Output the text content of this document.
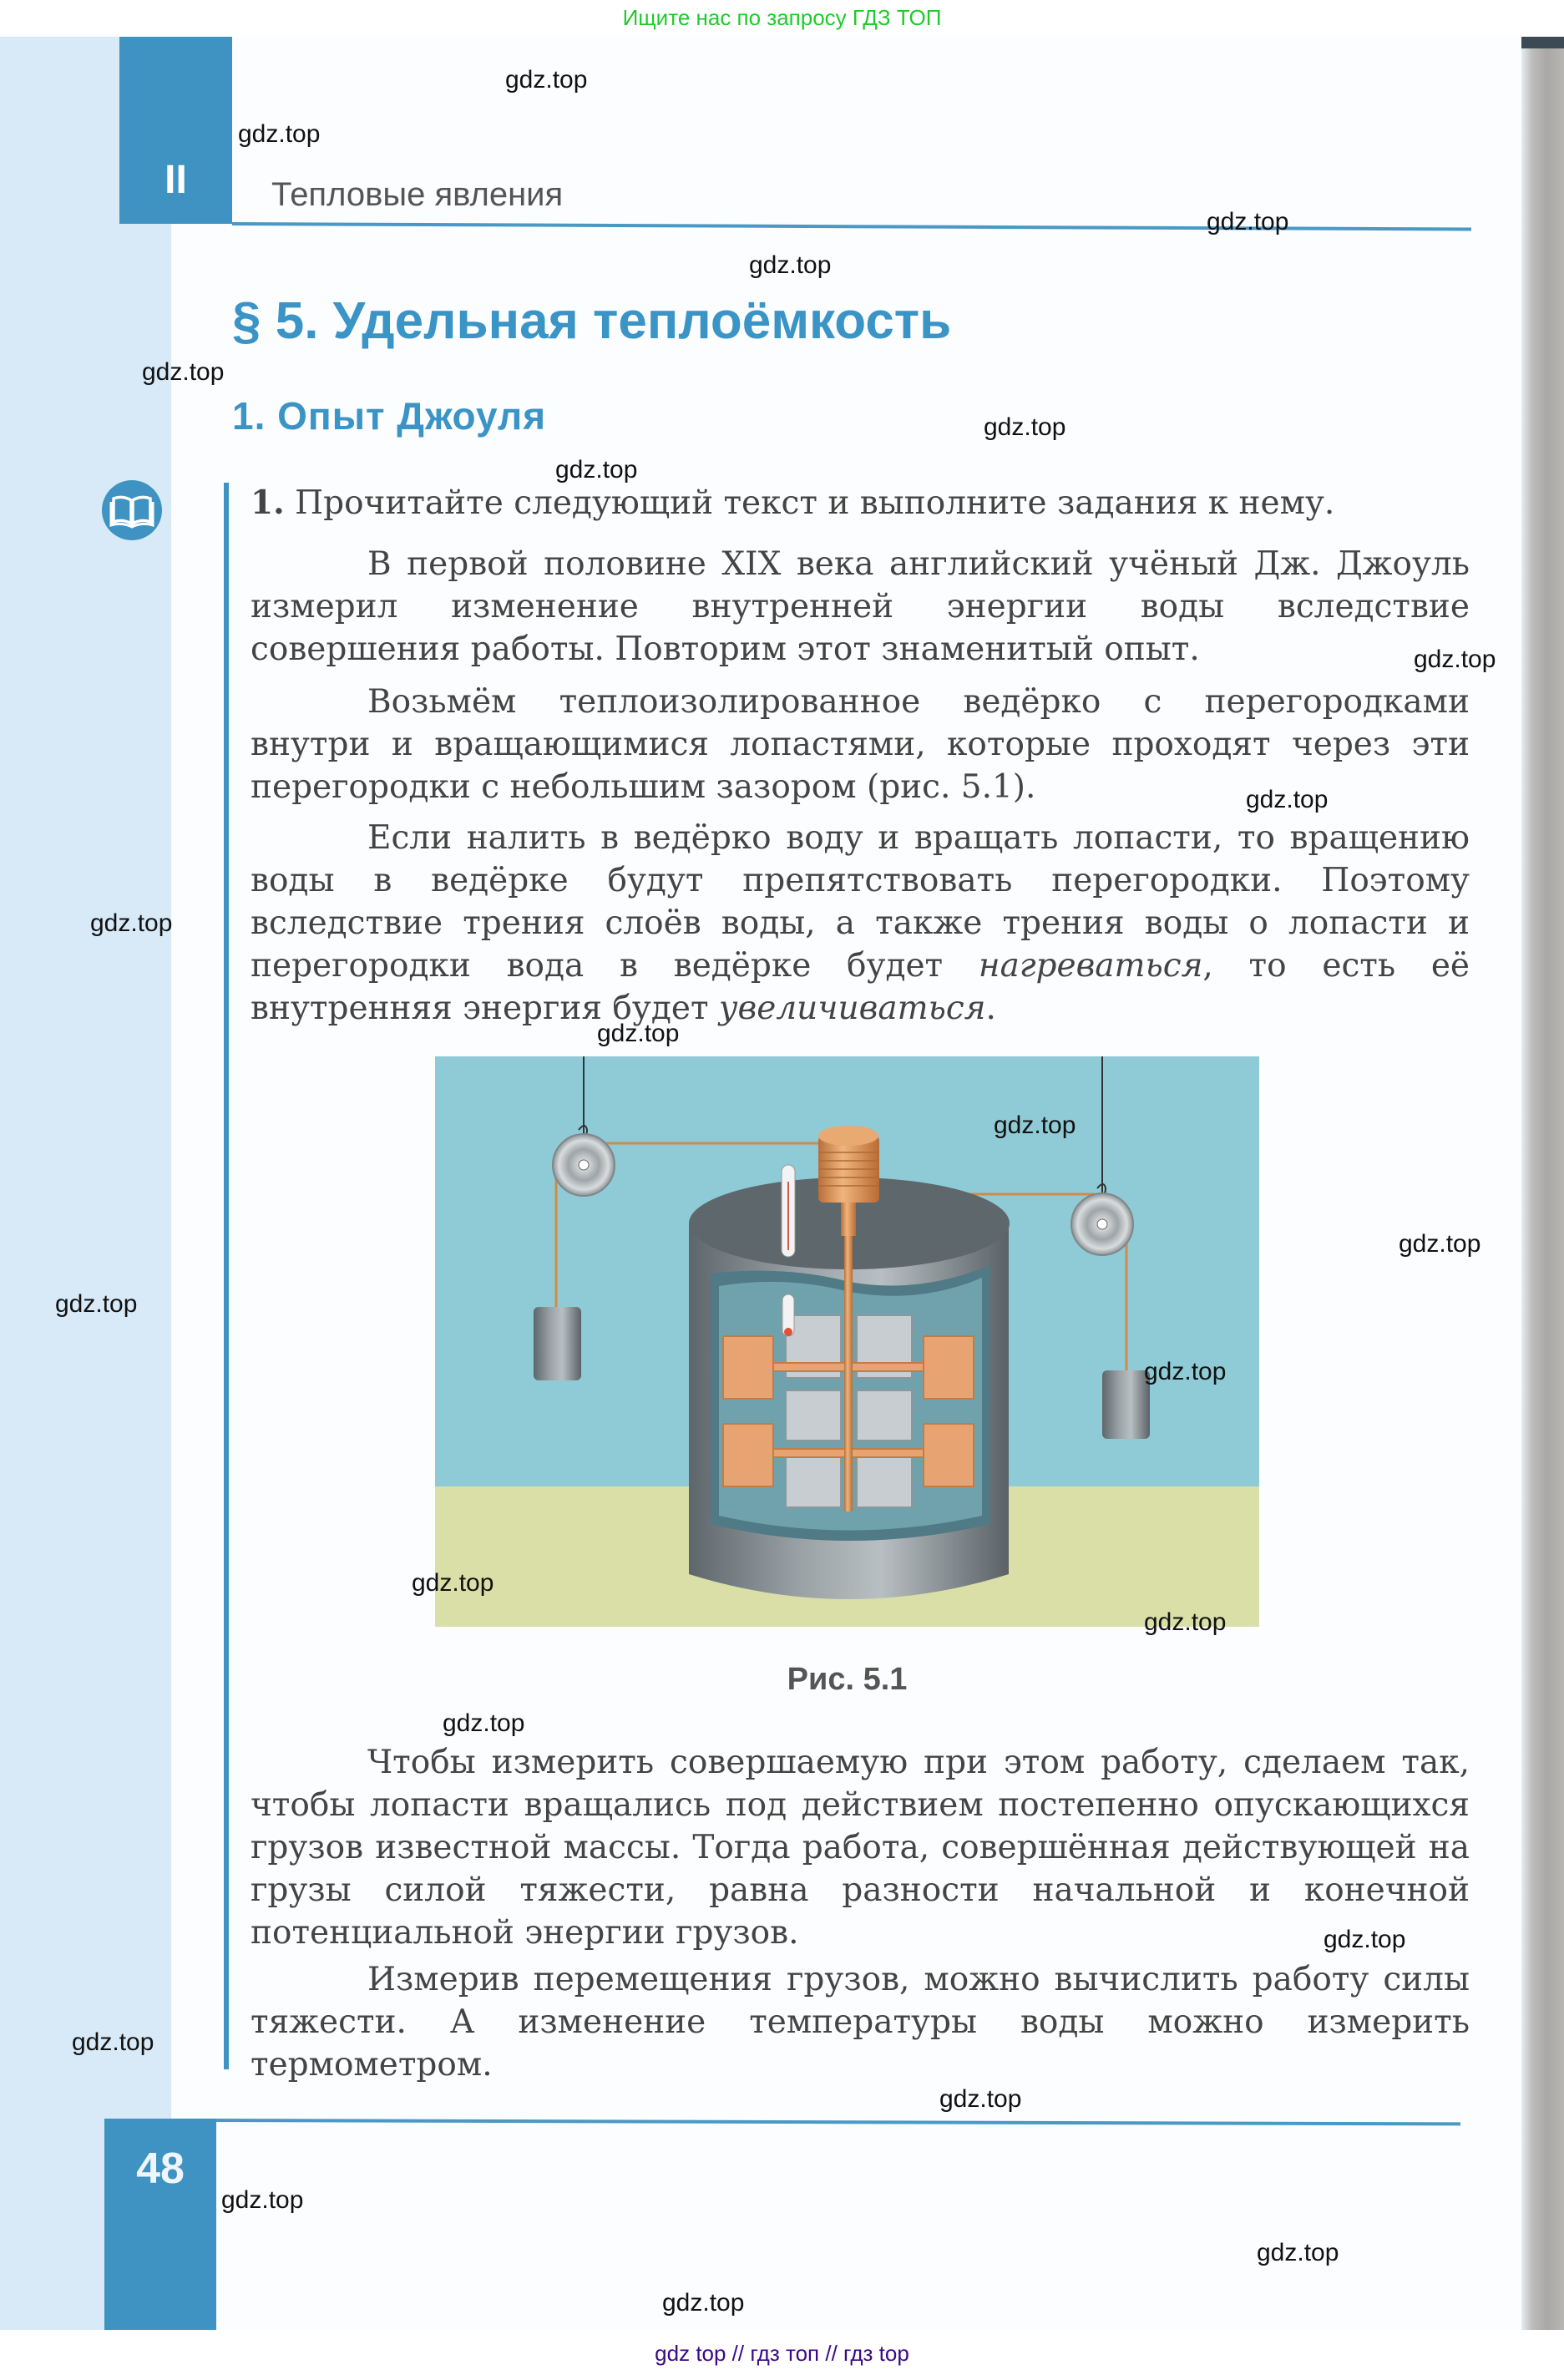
Ищите нас по запросу ГДЗ ТОП
II	Тепловые явления
§ 5. Удельная теплоёмкость
1. Опыт Джоуля

1. Прочитайте следующий текст и выполните задания к нему.

В первой половине XIX века английский учёный Дж. Джоуль измерил изменение внутренней энергии воды вследствие совершения работы. Повторим этот знаменитый опыт.

Возьмём теплоизолированное ведёрко с перегородками внутри и вращающимися лопастями, которые проходят через эти перегородки с небольшим зазором (рис. 5.1).

Если налить в ведёрко воду и вращать лопасти, то вращению воды в ведёрке будут препятствовать перегородки. Поэтому вследствие трения слоёв воды, а также трения воды о лопасти и перегородки вода в ведёрке будет нагреваться, то есть её внутренняя энергия будет увеличиваться.

Рис. 5.1

Чтобы измерить совершаемую при этом работу, сделаем так, чтобы лопасти вращались под действием постепенно опускающихся грузов известной массы. Тогда работа, совершённая действующей на грузы силой тяжести, равна разности начальной и конечной потенциальной энергии грузов.

Измерив перемещения грузов, можно вычислить работу силы тяжести. А изменение температуры воды можно измерить термометром.

48
gdz.top
gdz.top
gdz.top
gdz.top
gdz.top
gdz.top
gdz.top
gdz.top
gdz.top
gdz.top
gdz.top
gdz.top
gdz.top
gdz.top
gdz.top
gdz.top
gdz.top
gdz.top
gdz.top
gdz.top
gdz.top
gdz.top
gdz.top
gdz.top
gdz top // гдз топ // гдз top
